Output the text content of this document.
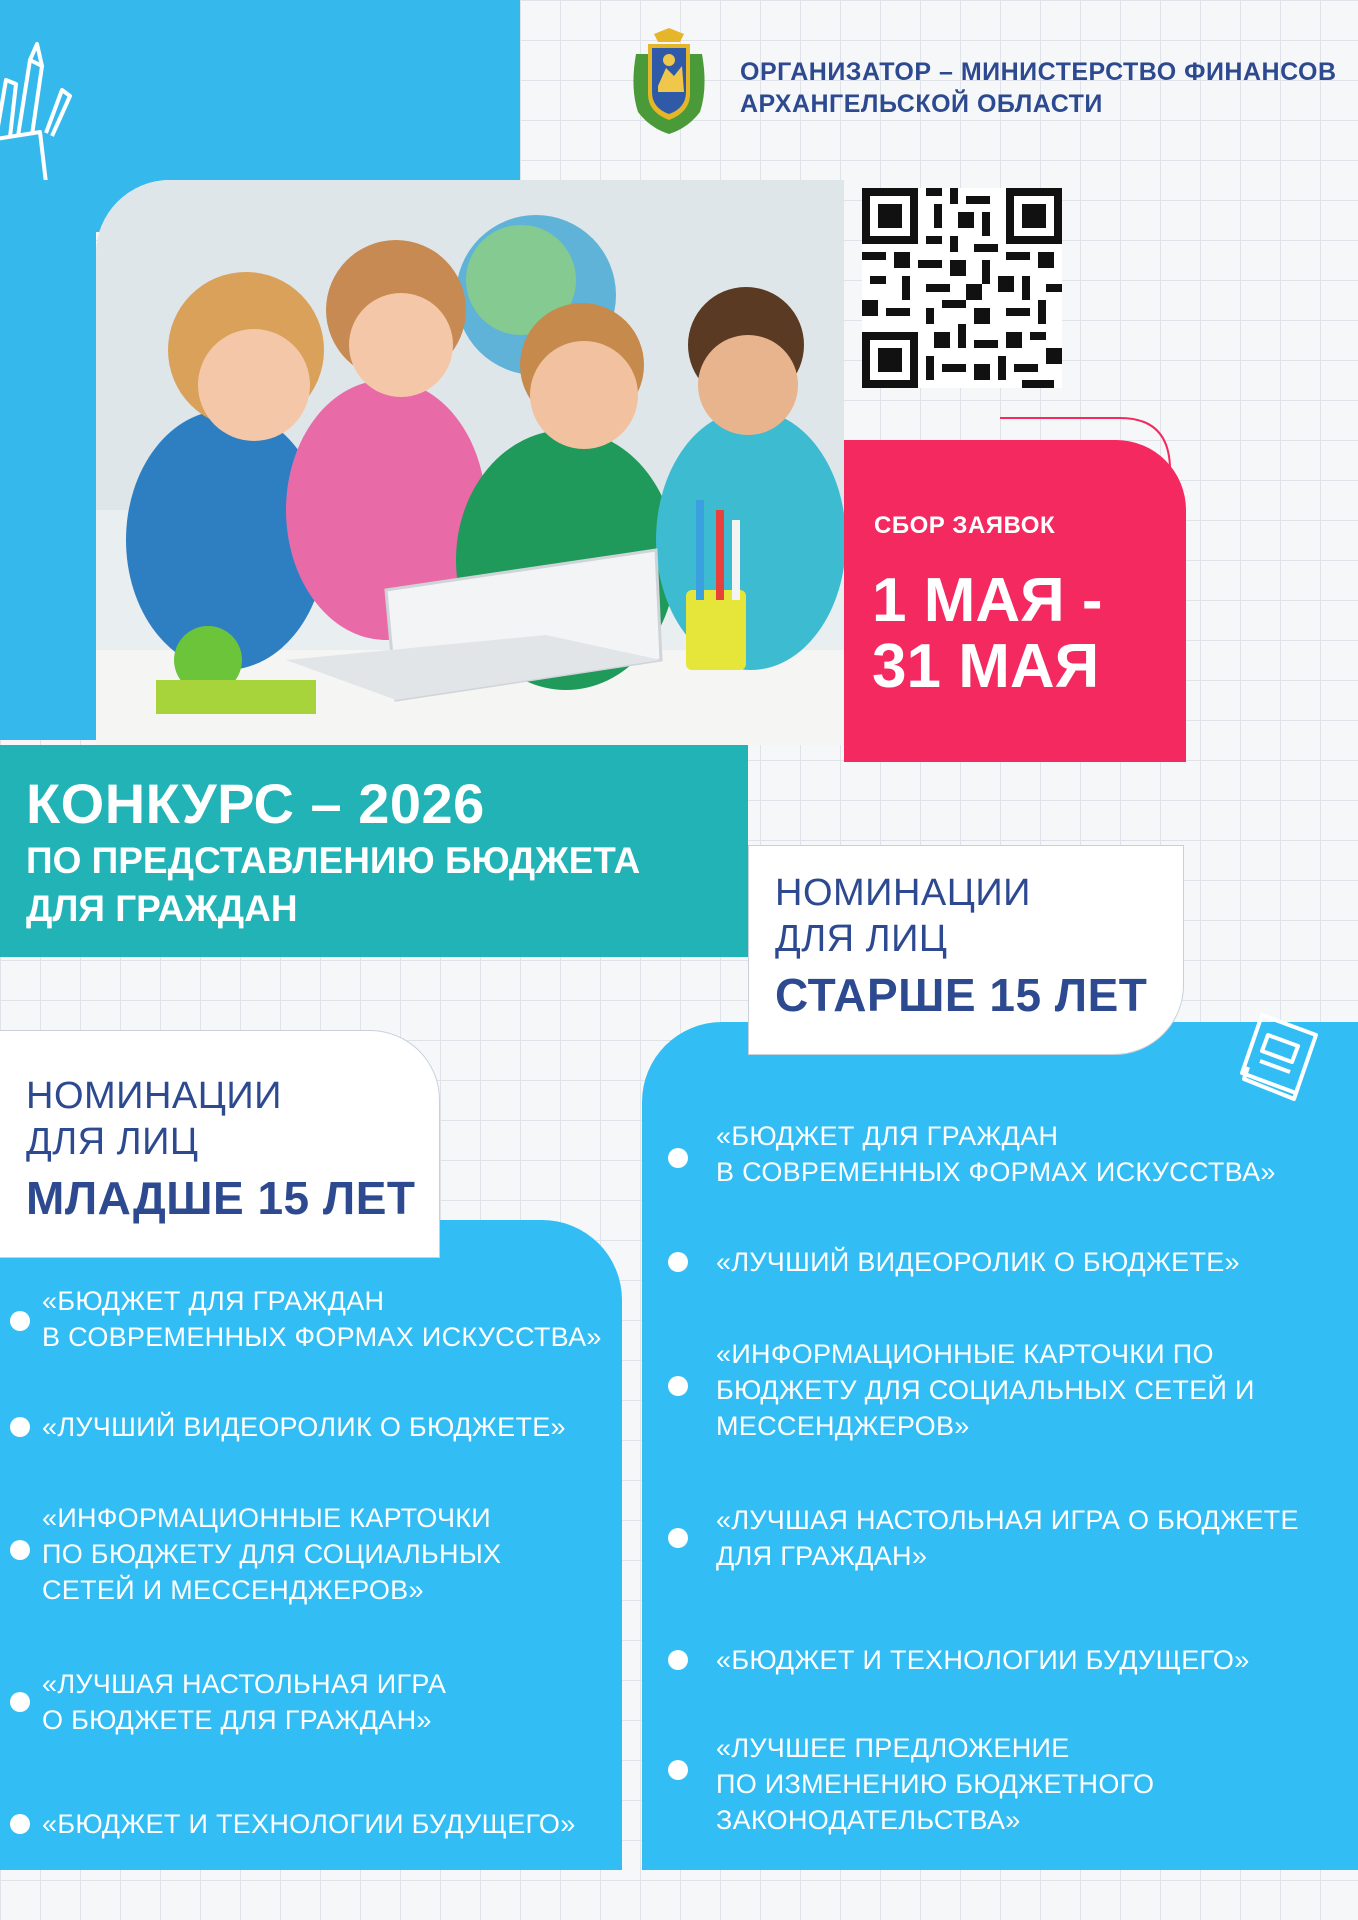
ОРГАНИЗАТОР – МИНИСТЕРСТВО ФИНАНСОВ
АРХАНГЕЛЬСКОЙ ОБЛАСТИ
СБОР ЗАЯВОК
1 МАЯ -
31 МАЯ
КОНКУРС – 2026
ПО ПРЕДСТАВЛЕНИЮ БЮДЖЕТА
ДЛЯ ГРАЖДАН	НОМИНАЦИИ
ДЛЯ ЛИЦ
СТАРШЕ 15 ЛЕТ
«БЮДЖЕТ ДЛЯ ГРАЖДАН
В СОВРЕМЕННЫХ ФОРМАХ ИСКУССТВА»
«ЛУЧШИЙ ВИДЕОРОЛИК О БЮДЖЕТЕ»
«ИНФОРМАЦИОННЫЕ КАРТОЧКИ ПО
БЮДЖЕТУ ДЛЯ СОЦИАЛЬНЫХ СЕТЕЙ И
МЕССЕНДЖЕРОВ»
«ЛУЧШАЯ НАСТОЛЬНАЯ ИГРА О БЮДЖЕТЕ
ДЛЯ ГРАЖДАН»
«БЮДЖЕТ И ТЕХНОЛОГИИ БУДУЩЕГО»
«ЛУЧШЕЕ ПРЕДЛОЖЕНИЕ
ПО ИЗМЕНЕНИЮ БЮДЖЕТНОГО
ЗАКОНОДАТЕЛЬСТВА»
НОМИНАЦИИ
ДЛЯ ЛИЦ
МЛАДШЕ 15 ЛЕТ
«БЮДЖЕТ ДЛЯ ГРАЖДАН
В СОВРЕМЕННЫХ ФОРМАХ ИСКУССТВА»
«ЛУЧШИЙ ВИДЕОРОЛИК О БЮДЖЕТЕ»
«ИНФОРМАЦИОННЫЕ КАРТОЧКИ
ПО БЮДЖЕТУ ДЛЯ СОЦИАЛЬНЫХ
СЕТЕЙ И МЕССЕНДЖЕРОВ»
«ЛУЧШАЯ НАСТОЛЬНАЯ ИГРА
О БЮДЖЕТЕ ДЛЯ ГРАЖДАН»
«БЮДЖЕТ И ТЕХНОЛОГИИ БУДУЩЕГО»
